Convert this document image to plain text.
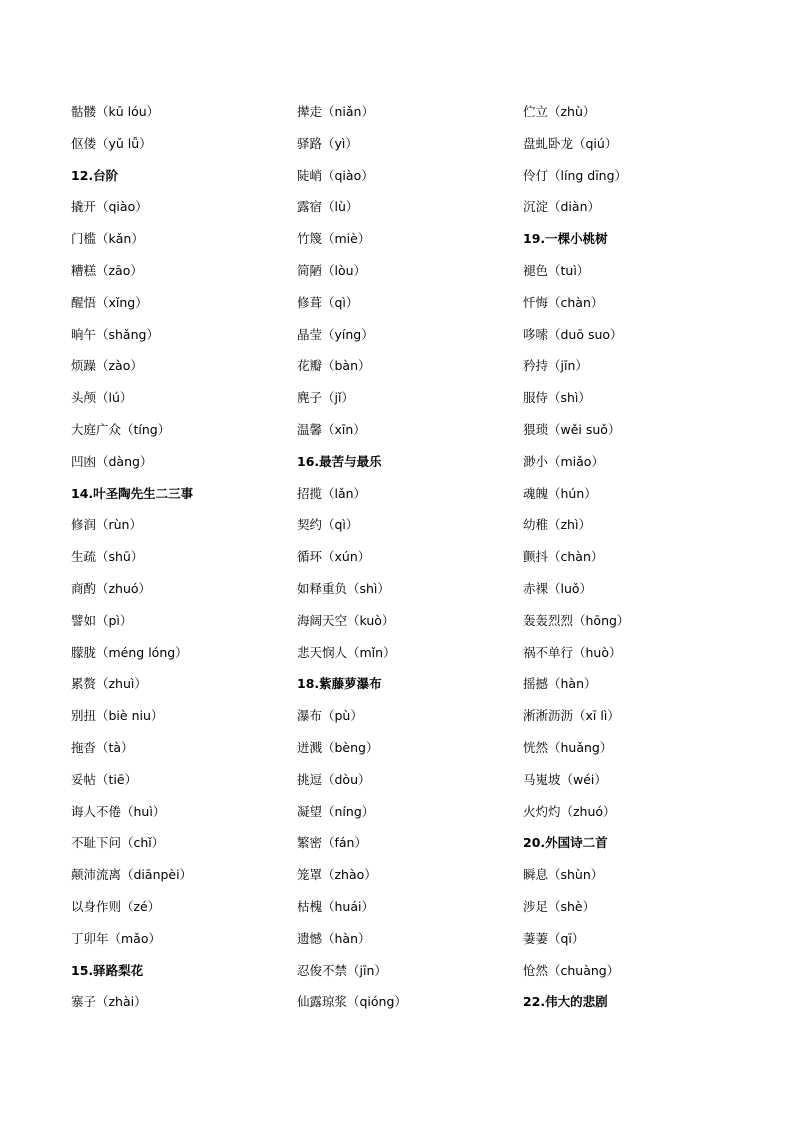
骷髅（kū lóu）
伛偻（yǔ lǚ）
12.台阶
撬开（qiào）
门槛（kǎn）
糟糕（zāo）
醒悟（xǐng）
晌午（shǎng）
烦躁（zào）
头颅（lú）
大庭广众（tíng）
凹凼（dàng）
14.叶圣陶先生二三事
修润（rùn）
生疏（shū）
商酌（zhuó）
譬如（pì）
朦胧（méng lóng）
累赘（zhuì）
别扭（biè niu）
拖沓（tà）
妥帖（tiē）
诲人不倦（huì）
不耻下问（chǐ）
颠沛流离（diānpèi）
以身作则（zé）
丁卯年（mǎo）
15.驿路梨花
寨子（zhài）
撵走（niǎn）
驿路（yì）
陡峭（qiào）
露宿（lù）
竹篾（miè）
简陋（lòu）
修葺（qì）
晶莹（yíng）
花瓣（bàn）
麂子（jǐ）
温馨（xīn）
16.最苦与最乐
招揽（lǎn）
契约（qì）
循环（xún）
如释重负（shì）
海阔天空（kuò）
悲天悯人（mǐn）
18.紫藤萝瀑布
瀑布（pù）
迸溅（bèng）
挑逗（dòu）
凝望（níng）
繁密（fán）
笼罩（zhào）
枯槐（huái）
遗憾（hàn）
忍俊不禁（jīn）
仙露琼浆（qióng）
伫立（zhù）
盘虬卧龙（qiú）
伶仃（líng dīng）
沉淀（diàn）
19.一棵小桃树
褪色（tuì）
忏悔（chàn）
哆嗦（duō suo）
矜持（jīn）
服侍（shì）
猥琐（wěi suǒ）
渺小（miǎo）
魂魄（hún）
幼稚（zhì）
颤抖（chàn）
赤裸（luǒ）
轰轰烈烈（hōng）
祸不单行（huò）
摇撼（hàn）
淅淅沥沥（xī lì）
恍然（huǎng）
马嵬坡（wéi）
火灼灼（zhuó）
20.外国诗二首
瞬息（shùn）
涉足（shè）
萋萋（qī）
怆然（chuàng）
22.伟大的悲剧
